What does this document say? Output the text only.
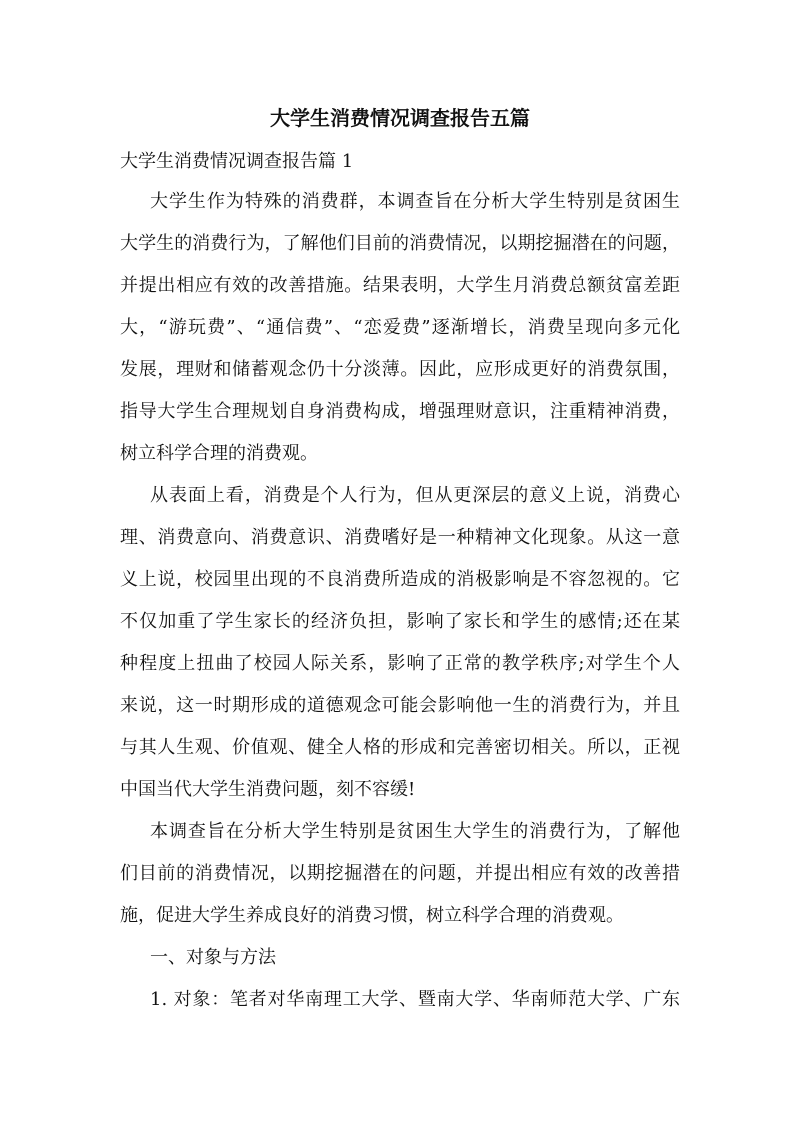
大学生消费情况调查报告五篇

大学生消费情况调查报告篇 1

大学生作为特殊的消费群，本调查旨在分析大学生特别是贫困生
大学生的消费行为，了解他们目前的消费情况，以期挖掘潜在的问题，
并提出相应有效的改善措施。结果表明，大学生月消费总额贫富差距
大，“游玩费”、“通信费”、“恋爱费”逐渐增长，消费呈现向多元化
发展，理财和储蓄观念仍十分淡薄。因此，应形成更好的消费氛围，
指导大学生合理规划自身消费构成，增强理财意识，注重精神消费，
树立科学合理的消费观。
从表面上看，消费是个人行为，但从更深层的意义上说，消费心
理、消费意向、消费意识、消费嗜好是一种精神文化现象。从这一意
义上说，校园里出现的不良消费所造成的消极影响是不容忽视的。它
不仅加重了学生家长的经济负担，影响了家长和学生的感情;还在某
种程度上扭曲了校园人际关系，影响了正常的教学秩序;对学生个人
来说，这一时期形成的道德观念可能会影响他一生的消费行为，并且
与其人生观、价值观、健全人格的形成和完善密切相关。所以，正视
中国当代大学生消费问题，刻不容缓!
本调查旨在分析大学生特别是贫困生大学生的消费行为，了解他
们目前的消费情况，以期挖掘潜在的问题，并提出相应有效的改善措
施，促进大学生养成良好的消费习惯，树立科学合理的消费观。
一、对象与方法
1. 对象：笔者对华南理工大学、暨南大学、华南师范大学、广东
